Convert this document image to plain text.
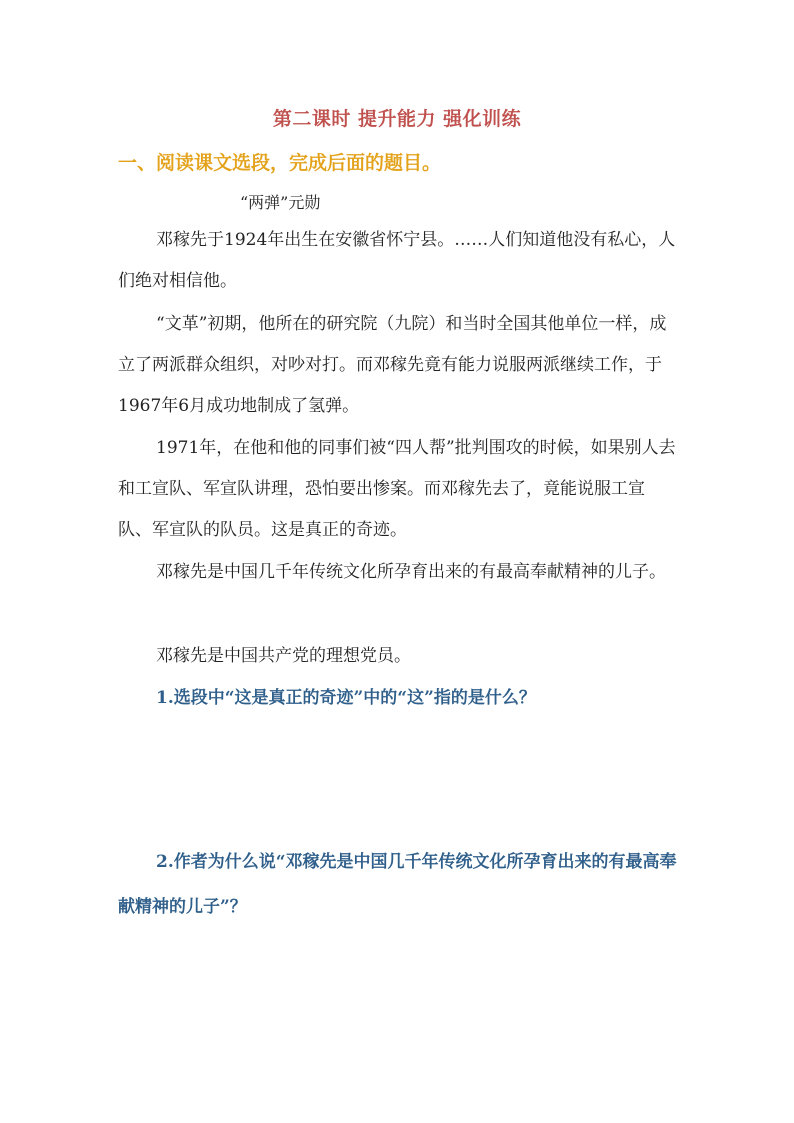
第二课时 提升能力 强化训练
一、阅读课文选段，完成后面的题目。
“两弹”元勋

邓稼先于1924年出生在安徽省怀宁县。……人们知道他没有私心，人们绝对相信他。

“文革”初期，他所在的研究院（九院）和当时全国其他单位一样，成立了两派群众组织，对吵对打。而邓稼先竟有能力说服两派继续工作，于1967年6月成功地制成了氢弹。

1971年，在他和他的同事们被“四人帮”批判围攻的时候，如果别人去和工宣队、军宣队讲理，恐怕要出惨案。而邓稼先去了，竟能说服工宣队、军宣队的队员。这是真正的奇迹。

邓稼先是中国几千年传统文化所孕育出来的有最高奉献精神的儿子。

邓稼先是中国共产党的理想党员。

1.选段中“这是真正的奇迹”中的“这”指的是什么？

2.作者为什么说“邓稼先是中国几千年传统文化所孕育出来的有最高奉献精神的儿子”？
